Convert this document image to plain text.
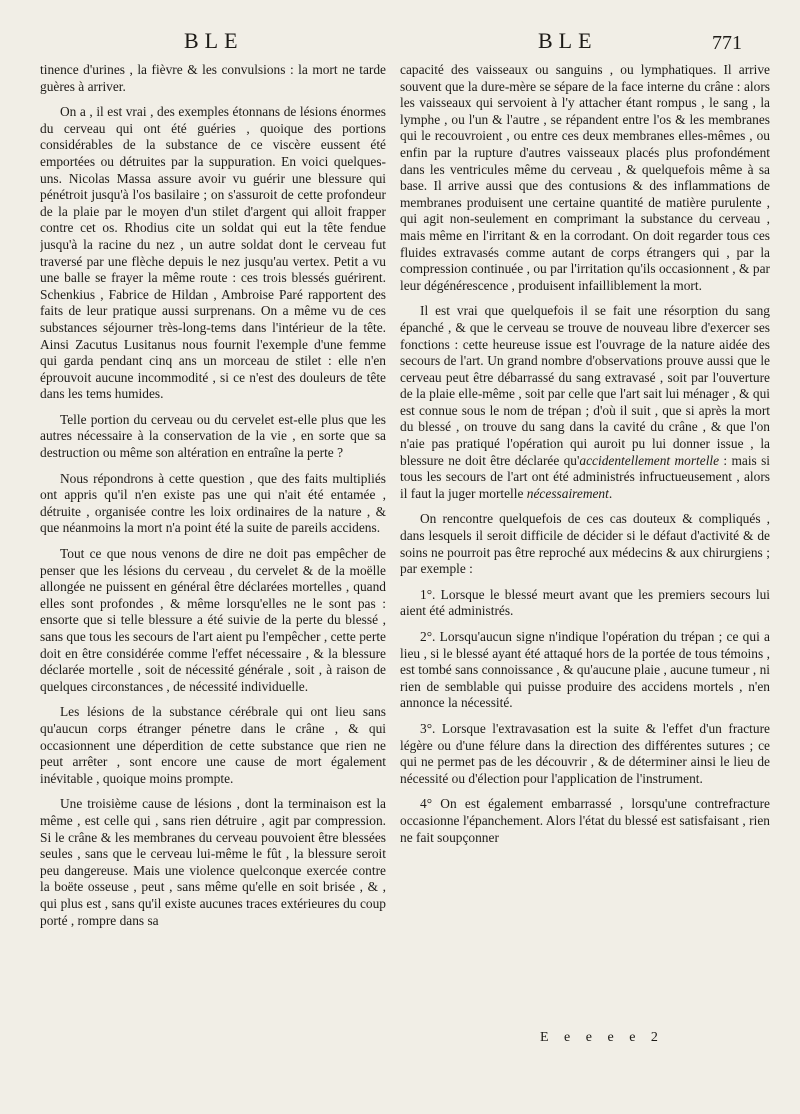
BLE	BLE	771

tinence d'urines , la fièvre & les convulsions : la mort ne tarde guères à arriver.

On a , il est vrai , des exemples étonnans de lésions énormes du cerveau qui ont été guéries , quoique des portions considérables de la substance de ce viscère eussent été emportées ou détruites par la suppuration. En voici quelques-uns. Nicolas Massa assure avoir vu guérir une blessure qui pénétroit jusqu'à l'os basilaire ; on s'assuroit de cette profondeur de la plaie par le moyen d'un stilet d'argent qui alloit frapper contre cet os. Rhodius cite un soldat qui eut la tête fendue jusqu'à la racine du nez , un autre soldat dont le cerveau fut traversé par une flèche depuis le nez jusqu'au vertex. Petit a vu une balle se frayer la même route : ces trois blessés guérirent. Schenkius , Fabrice de Hildan , Ambroise Paré rapportent des faits de leur pratique aussi surprenans. On a même vu de ces substances séjourner très-long-tems dans l'intérieur de la tête. Ainsi Zacutus Lusitanus nous fournit l'exemple d'une femme qui garda pendant cinq ans un morceau de stilet : elle n'en éprouvoit aucune incommodité , si ce n'est des douleurs de tête dans les tems humides.

Telle portion du cerveau ou du cervelet est-elle plus que les autres nécessaire à la conservation de la vie , en sorte que sa destruction ou même son altération en entraîne la perte ?

Nous répondrons à cette question , que des faits multipliés ont appris qu'il n'en existe pas une qui n'ait été entamée , détruite , organisée contre les loix ordinaires de la nature , & que néanmoins la mort n'a point été la suite de pareils accidens.

Tout ce que nous venons de dire ne doit pas empêcher de penser que les lésions du cerveau , du cervelet & de la moëlle allongée ne puissent en général être déclarées mortelles , quand elles sont profondes , & même lorsqu'elles ne le sont pas : ensorte que si telle blessure a été suivie de la perte du blessé , sans que tous les secours de l'art aient pu l'empêcher , cette perte doit en être considérée comme l'effet nécessaire , & la blessure déclarée mortelle , soit de nécessité générale , soit , à raison de quelques circonstances , de nécessité individuelle.

Les lésions de la substance cérébrale qui ont lieu sans qu'aucun corps étranger pénetre dans le crâne , & qui occasionnent une déperdition de cette substance que rien ne peut arrêter , sont encore une cause de mort également inévitable , quoique moins prompte.

Une troisième cause de lésions , dont la terminaison est la même , est celle qui , sans rien détruire , agit par compression. Si le crâne & les membranes du cerveau pouvoient être blessées seules , sans que le cerveau lui-même le fût , la blessure seroit peu dangereuse. Mais une violence quelconque exercée contre la boëte osseuse , peut , sans même qu'elle en soit brisée , & , qui plus est , sans qu'il existe aucunes traces extérieures du coup porté , rompre dans sa

capacité des vaisseaux ou sanguins , ou lymphatiques. Il arrive souvent que la dure-mère se sépare de la face interne du crâne : alors les vaisseaux qui servoient à l'y attacher étant rompus , le sang , la lymphe , ou l'un & l'autre , se répandent entre l'os & les membranes qui le recouvroient , ou entre ces deux membranes elles-mêmes , ou enfin par la rupture d'autres vaisseaux placés plus profondément dans les ventricules même du cerveau , & quelquefois même à sa base. Il arrive aussi que des contusions & des inflammations de membranes produisent une certaine quantité de matière purulente , qui agit non-seulement en comprimant la substance du cerveau , mais même en l'irritant & en la corrodant. On doit regarder tous ces fluides extravasés comme autant de corps étrangers qui , par la compression continuée , ou par l'irritation qu'ils occasionnent , & par leur dégénérescence , produisent infailliblement la mort.

Il est vrai que quelquefois il se fait une résorption du sang épanché , & que le cerveau se trouve de nouveau libre d'exercer ses fonctions : cette heureuse issue est l'ouvrage de la nature aidée des secours de l'art. Un grand nombre d'observations prouve aussi que le cerveau peut être débarrassé du sang extravasé , soit par l'ouverture de la plaie elle-même , soit par celle que l'art sait lui ménager , & qui est connue sous le nom de trépan ; d'où il suit , que si après la mort du blessé , on trouve du sang dans la cavité du crâne , & que l'on n'aie pas pratiqué l'opération qui auroit pu lui donner issue , la blessure ne doit être déclarée qu'accidentellement mortelle : mais si tous les secours de l'art ont été administrés infructueusement , alors il faut la juger mortelle nécessairement.

On rencontre quelquefois de ces cas douteux & compliqués , dans lesquels il seroit difficile de décider si le défaut d'activité & de soins ne pourroit pas être reproché aux médecins & aux chirurgiens ; par exemple :

1°. Lorsque le blessé meurt avant que les premiers secours lui aient été administrés.

2°. Lorsqu'aucun signe n'indique l'opération du trépan ; ce qui a lieu , si le blessé ayant été attaqué hors de la portée de tous témoins , est tombé sans connoissance , & qu'aucune plaie , aucune tumeur , ni rien de semblable qui puisse produire des accidens mortels , n'en annonce la nécessité.

3°. Lorsque l'extravasation est la suite & l'effet d'un fracture légère ou d'une félure dans la direction des différentes sutures ; ce qui ne permet pas de les découvrir , & de déterminer ainsi le lieu de nécessité ou d'élection pour l'application de l'instrument.

4° On est également embarrassé , lorsqu'une contrefracture occasionne l'épanchement. Alors l'état du blessé est satisfaisant , rien ne fait soupçonner

E e e e e 2
